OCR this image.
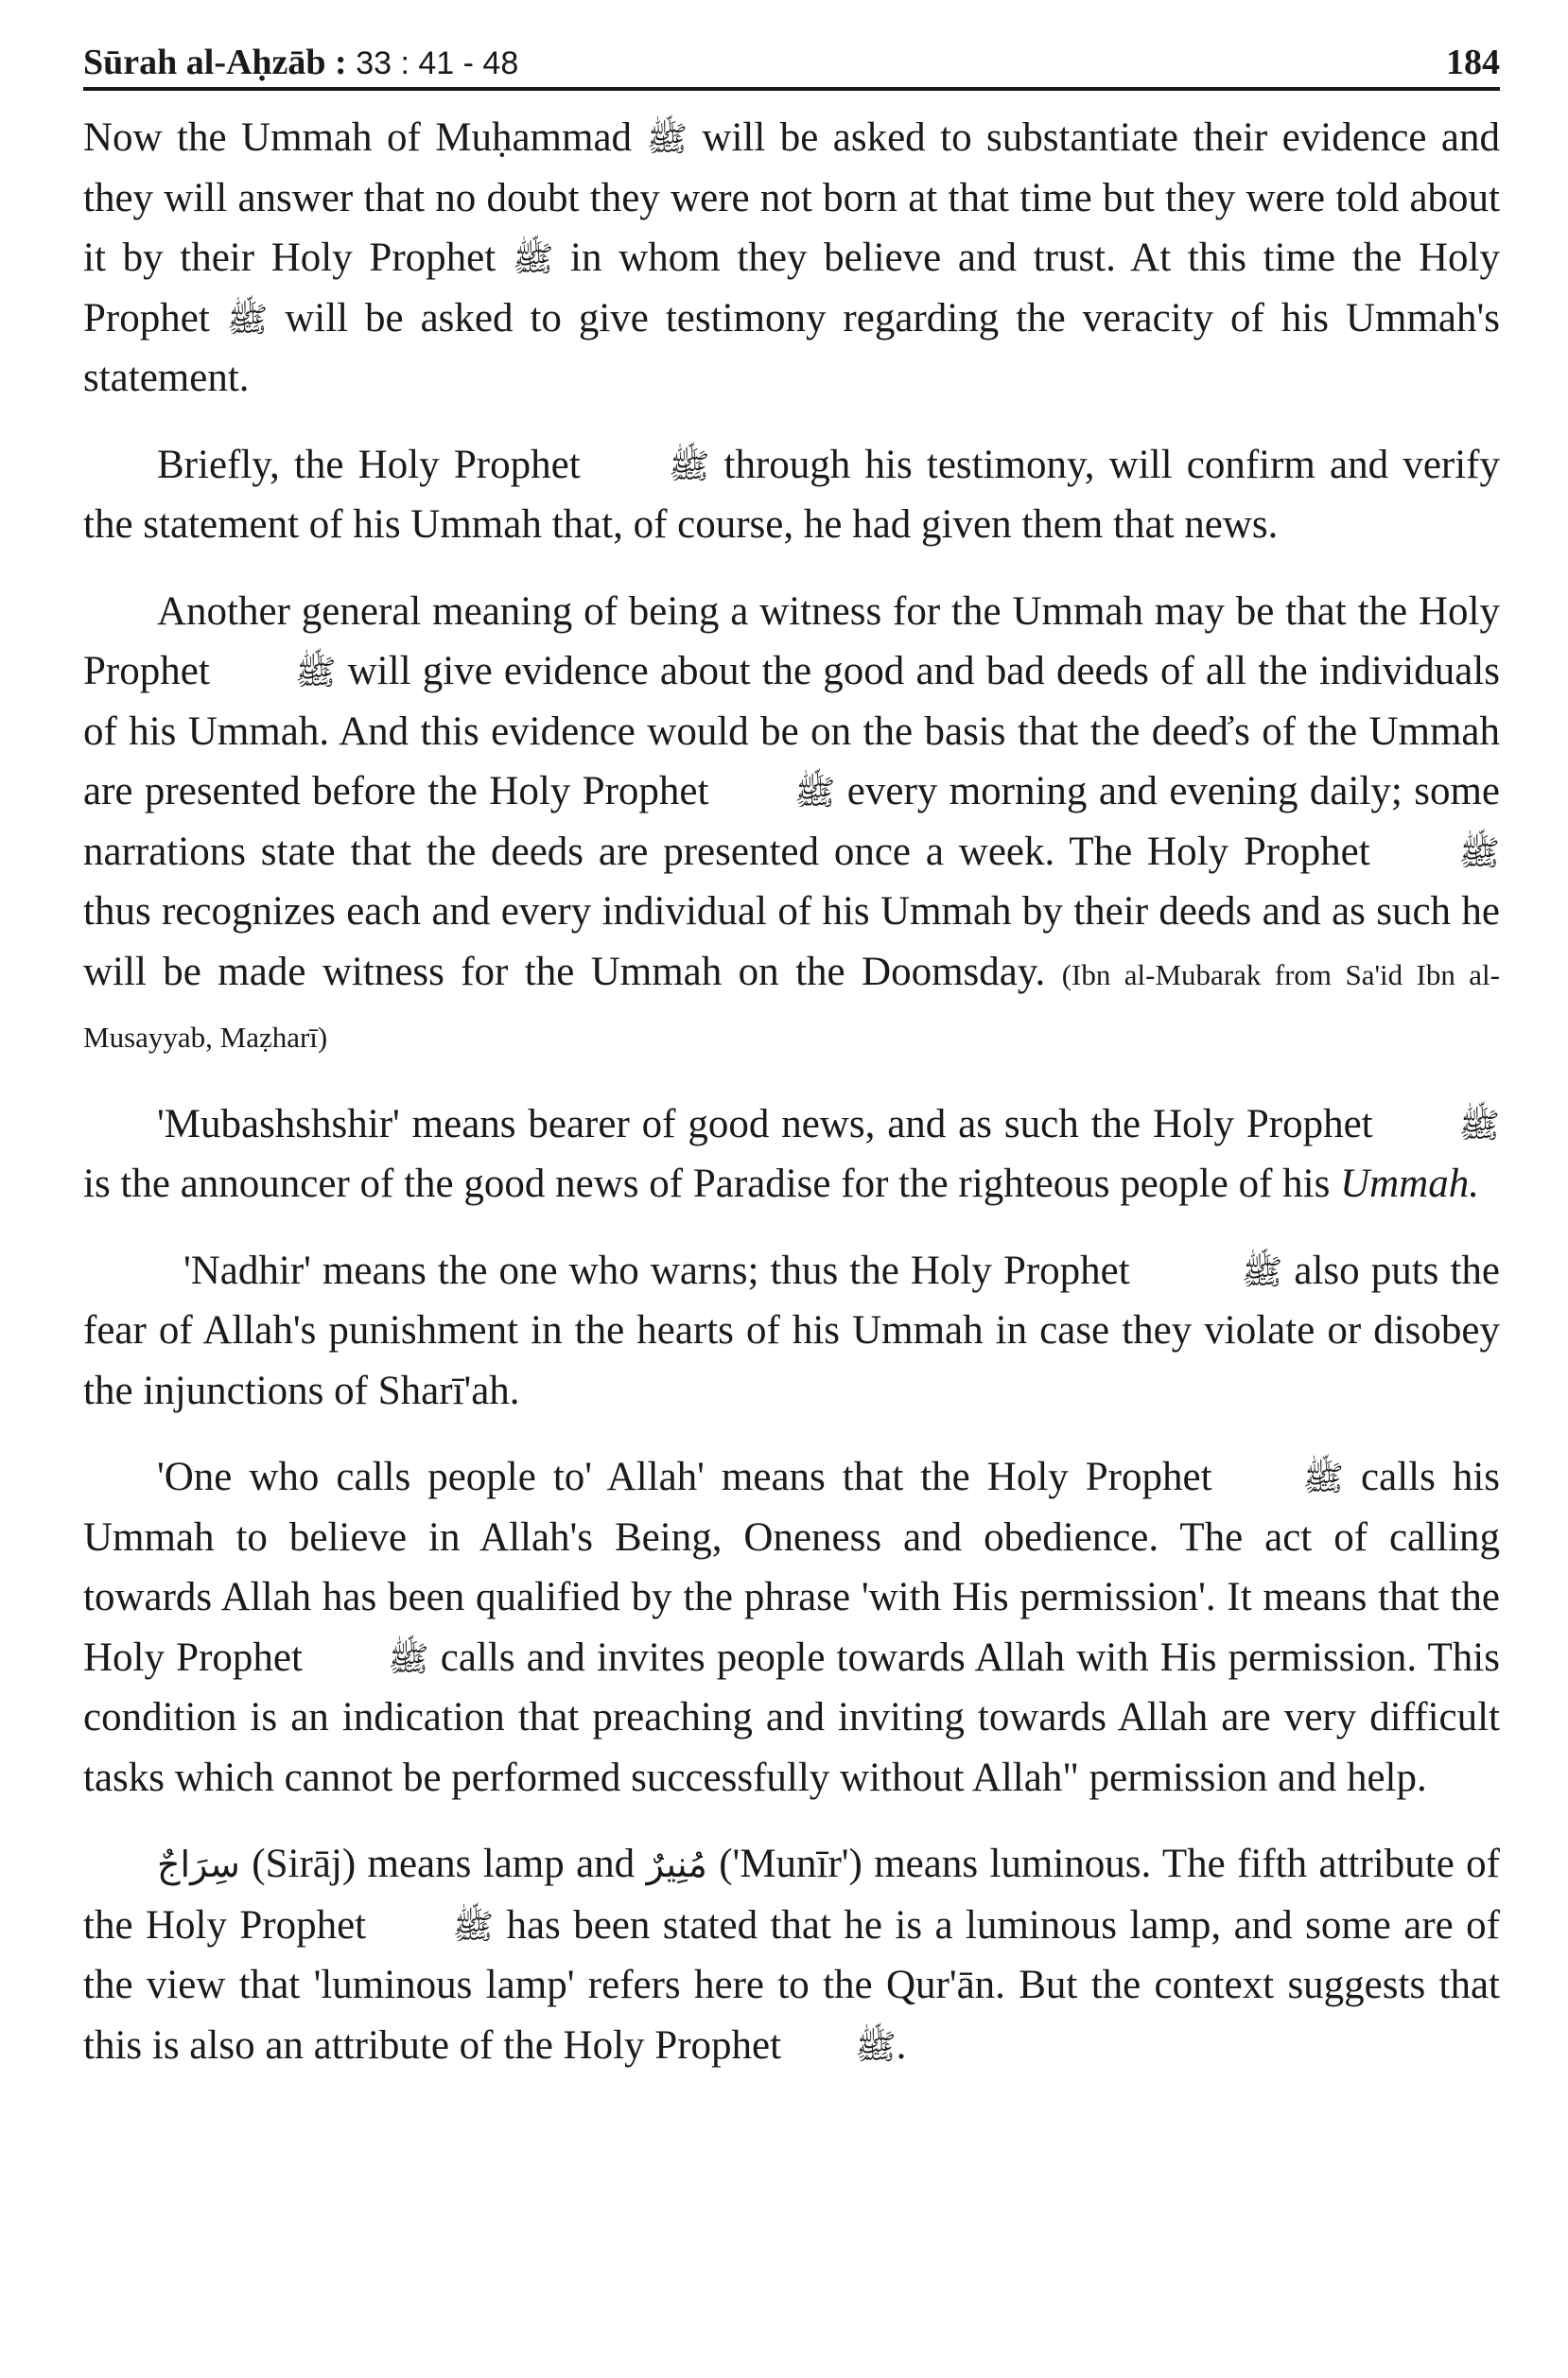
Sūrah al-Aḥzāb : 33 : 41 - 48	184

Now the Ummah of Muḥammad ﷺ will be asked to substantiate their evidence and they will answer that no doubt they were not born at that time but they were told about it by their Holy Prophet ﷺ in whom they believe and trust. At this time the Holy Prophet ﷺ will be asked to give testimony regarding the veracity of his Ummah's statement.

Briefly, the Holy Prophet ﷺ through his testimony, will confirm and verify the statement of his Ummah that, of course, he had given them that news.

Another general meaning of being a witness for the Ummah may be that the Holy Prophet ﷺ will give evidence about the good and bad deeds of all the individuals of his Ummah. And this evidence would be on the basis that the deeďs of the Ummah are presented before the Holy Prophet ﷺ every morning and evening daily; some narrations state that the deeds are presented once a week. The Holy Prophet ﷺ thus recognizes each and every individual of his Ummah by their deeds and as such he will be made witness for the Ummah on the Doomsday. (Ibn al-Mubarak from Sa'id Ibn al- Musayyab, Maẓharī)

'Mubashshshir' means bearer of good news, and as such the Holy Prophet ﷺ is the announcer of the good news of Paradise for the righteous people of his Ummah.

'Nadhir' means the one who warns; thus the Holy Prophet	ﷺ also puts the fear of Allah's punishment in the hearts of his Ummah in case they violate or disobey the injunctions of Sharī'ah.

'One who calls people to' Allah' means that the Holy Prophet ﷺ calls his Ummah to believe in Allah's Being, Oneness and obedience. The act of calling towards Allah has been qualified by the phrase 'with His permission'. It means that the Holy Prophet ﷺ calls and invites people towards Allah with His permission. This condition is an indication that preaching and inviting towards Allah are very difficult tasks which cannot be performed successfully without Allah" permission and help.

سِرَاجٌ (Sirāj) means lamp and مُنِيرٌ ('Munīr') means luminous. The fifth attribute of the Holy Prophet ﷺ has been stated that he is a luminous lamp, and some are of the view that 'luminous lamp' refers here to the Qur'ān. But the context suggests that this is also an attribute of the Holy Prophet ﷺ.
